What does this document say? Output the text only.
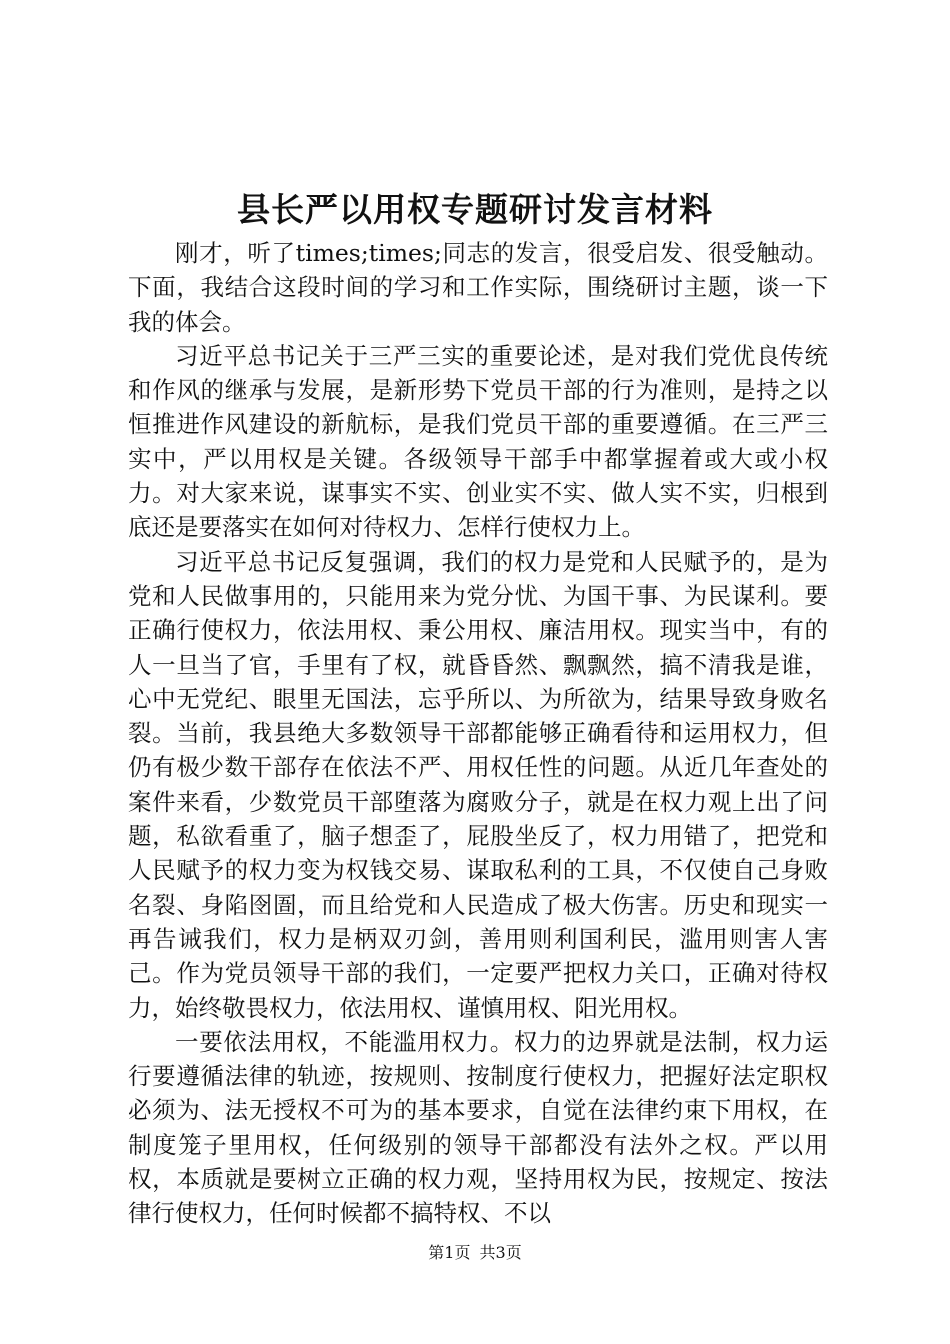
县长严以用权专题研讨发言材料

刚才，听了times;times;同志的发言，很受启发、很受触动。下面，我结合这段时间的学习和工作实际，围绕研讨主题，谈一下我的体会。

习近平总书记关于三严三实的重要论述，是对我们党优良传统和作风的继承与发展，是新形势下党员干部的行为准则，是持之以恒推进作风建设的新航标，是我们党员干部的重要遵循。在三严三实中，严以用权是关键。各级领导干部手中都掌握着或大或小权力。对大家来说，谋事实不实、创业实不实、做人实不实，归根到底还是要落实在如何对待权力、怎样行使权力上。

习近平总书记反复强调，我们的权力是党和人民赋予的，是为党和人民做事用的，只能用来为党分忧、为国干事、为民谋利。要正确行使权力，依法用权、秉公用权、廉洁用权。现实当中，有的人一旦当了官，手里有了权，就昏昏然、飘飘然，搞不清我是谁，心中无党纪、眼里无国法，忘乎所以、为所欲为，结果导致身败名裂。当前，我县绝大多数领导干部都能够正确看待和运用权力，但仍有极少数干部存在依法不严、用权任性的问题。从近几年查处的案件来看，少数党员干部堕落为腐败分子，就是在权力观上出了问题，私欲看重了，脑子想歪了，屁股坐反了，权力用错了，把党和人民赋予的权力变为权钱交易、谋取私利的工具，不仅使自己身败名裂、身陷囹圄，而且给党和人民造成了极大伤害。历史和现实一再告诫我们，权力是柄双刃剑，善用则利国利民，滥用则害人害己。作为党员领导干部的我们，一定要严把权力关口，正确对待权力，始终敬畏权力，依法用权、谨慎用权、阳光用权。

一要依法用权，不能滥用权力。权力的边界就是法制，权力运行要遵循法律的轨迹，按规则、按制度行使权力，把握好法定职权必须为、法无授权不可为的基本要求，自觉在法律约束下用权，在制度笼子里用权，任何级别的领导干部都没有法外之权。严以用权，本质就是要树立正确的权力观，坚持用权为民，按规定、按法律行使权力，任何时候都不搞特权、不以

第1页 共3页
